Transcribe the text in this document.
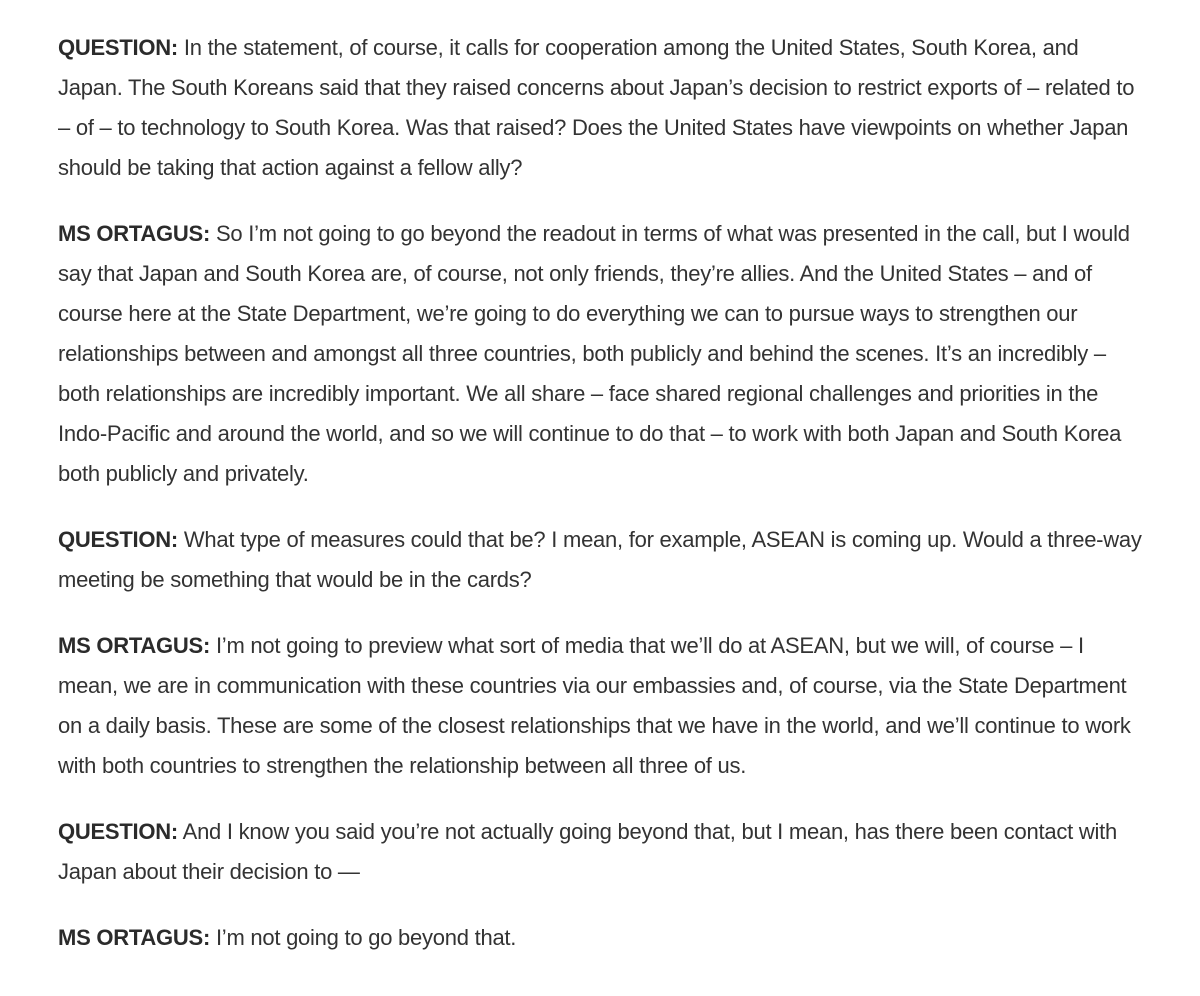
QUESTION: In the statement, of course, it calls for cooperation among the United States, South Korea, and Japan. The South Koreans said that they raised concerns about Japan’s decision to restrict exports of – related to – of – to technology to South Korea. Was that raised? Does the United States have viewpoints on whether Japan should be taking that action against a fellow ally?

MS ORTAGUS: So I’m not going to go beyond the readout in terms of what was presented in the call, but I would say that Japan and South Korea are, of course, not only friends, they’re allies. And the United States – and of course here at the State Department, we’re going to do everything we can to pursue ways to strengthen our relationships between and amongst all three countries, both publicly and behind the scenes. It’s an incredibly – both relationships are incredibly important. We all share – face shared regional challenges and priorities in the Indo-Pacific and around the world, and so we will continue to do that – to work with both Japan and South Korea both publicly and privately.

QUESTION: What type of measures could that be? I mean, for example, ASEAN is coming up. Would a three-way meeting be something that would be in the cards?

MS ORTAGUS: I’m not going to preview what sort of media that we’ll do at ASEAN, but we will, of course – I mean, we are in communication with these countries via our embassies and, of course, via the State Department on a daily basis. These are some of the closest relationships that we have in the world, and we’ll continue to work with both countries to strengthen the relationship between all three of us.

QUESTION: And I know you said you’re not actually going beyond that, but I mean, has there been contact with Japan about their decision to —

MS ORTAGUS: I’m not going to go beyond that.
